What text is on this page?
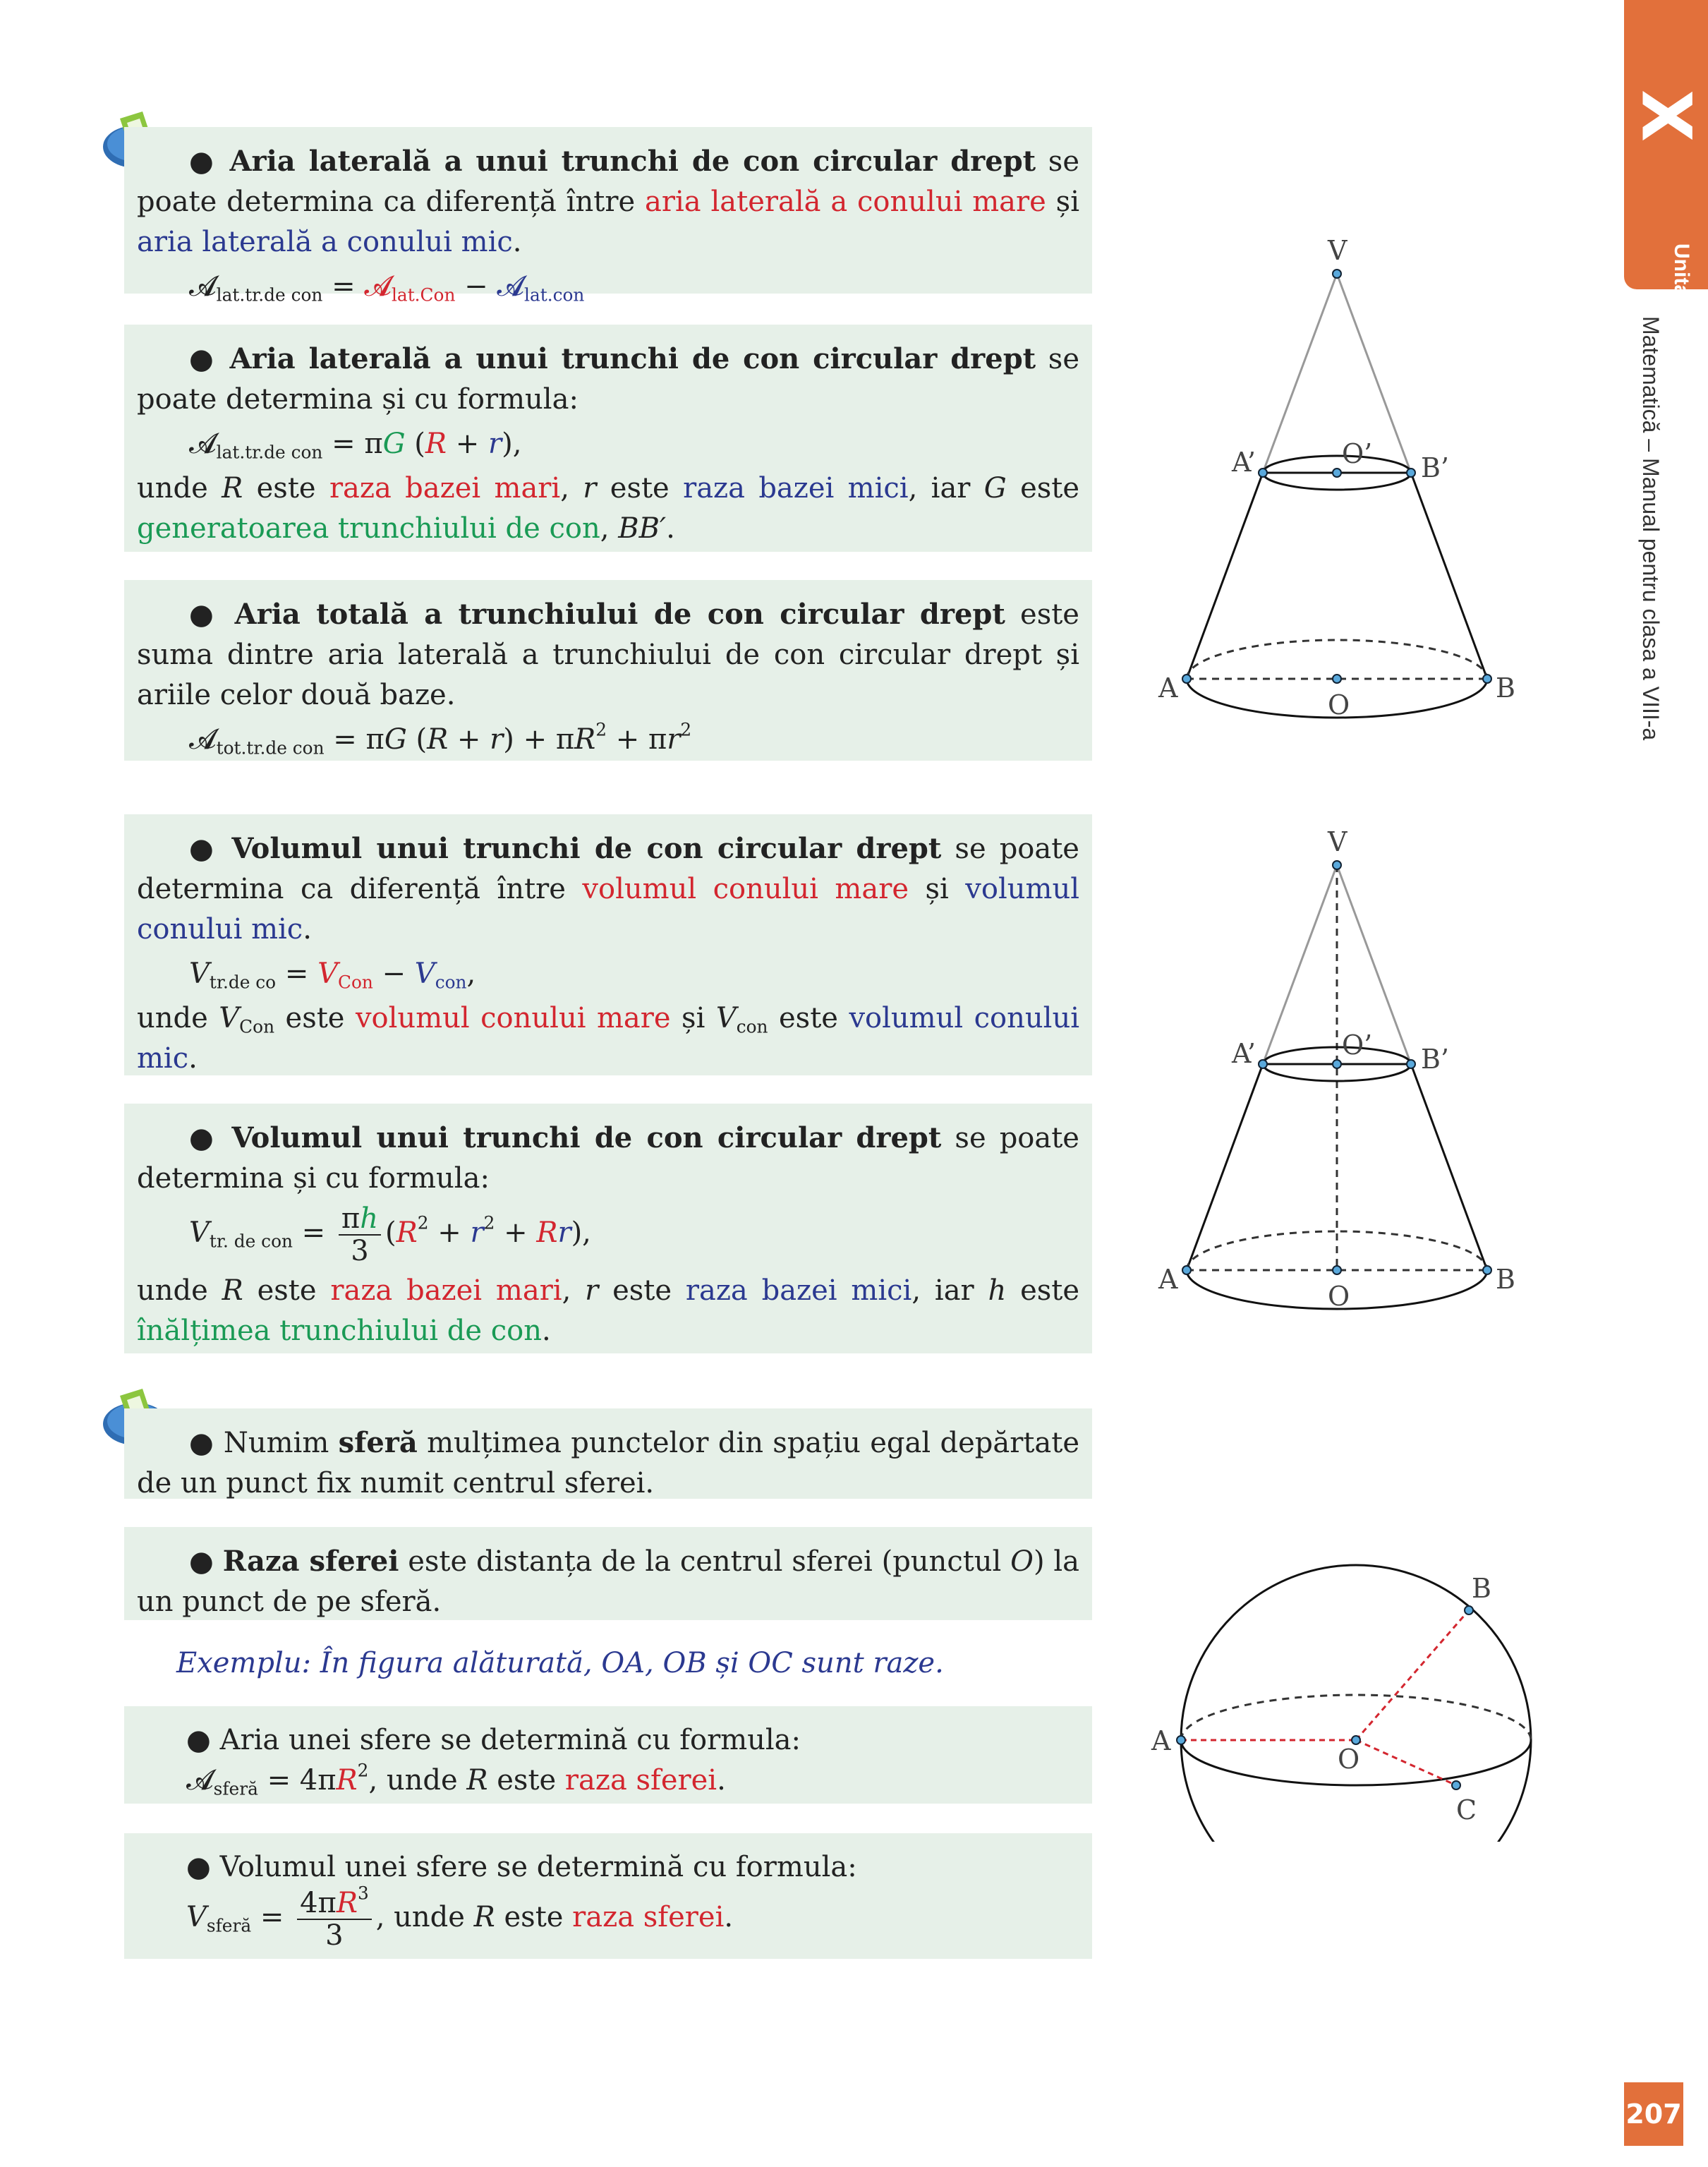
X
Unitatea
Matematică – Manual pentru clasa a VIII-a
207

● Aria laterală a unui trunchi de con circular drept se poate determina ca diferență între aria laterală a conului mare și aria laterală a conului mic.

𝓐$_{lat.tr.de con}$ = 𝓐$_{lat.Con}$ − 𝓐$_{lat.con}$

● Aria laterală a unui trunchi de con circular drept se poate determina și cu formula:

𝓐$_{lat.tr.de con}$ = πG (R + r),

unde R este raza bazei mari, r este raza bazei mici, iar G este generatoarea trunchiului de con, BB′.

● Aria totală a trunchiului de con circular drept este suma dintre aria laterală a trunchiului de con circular drept și ariile celor două baze.

𝓐$_{tot.tr.de con}$ = πG $(R + r) + \pi R^2 + \pi r^2$

● Volumul unui trunchi de con circular drept se poate determina ca diferență între volumul conului mare și volumul conului mic.

$V_{tr.de co} = V_{Con} - V_{con}$,

unde $V_{Con}$ este volumul conului mare și $V_{con}$ este volumul conului mic.

● Volumul unui trunchi de con circular drept se poate determina și cu formula:

$V_{tr. de con} = \frac{\pi h}{3} (R^2 + r^2 + Rr)$,

unde R este raza bazei mari, r este raza bazei mici, iar h este înălțimea trunchiului de con.

● Numim sferă mulțimea punctelor din spațiu egal depărtate de un punct fix numit centrul sferei.

● Raza sferei este distanța de la centrul sferei (punctul O) la un punct de pe sferă.

Exemplu: În figura alăturată, OA, OB și OC sunt raze.

● Aria unei sfere se determină cu formula:

𝓐$_{sferă}$ = $4\pi R^2$, unde R este raza sferei.

● Volumul unei sfere se determină cu formula:

$V_{sferă} = \frac{4\pi R^3}{3}$ , unde R este raza sferei.

V
A’	O’ B’
A
O
B
V
A’	O’ B’
A
O
B
A
O
B
C
